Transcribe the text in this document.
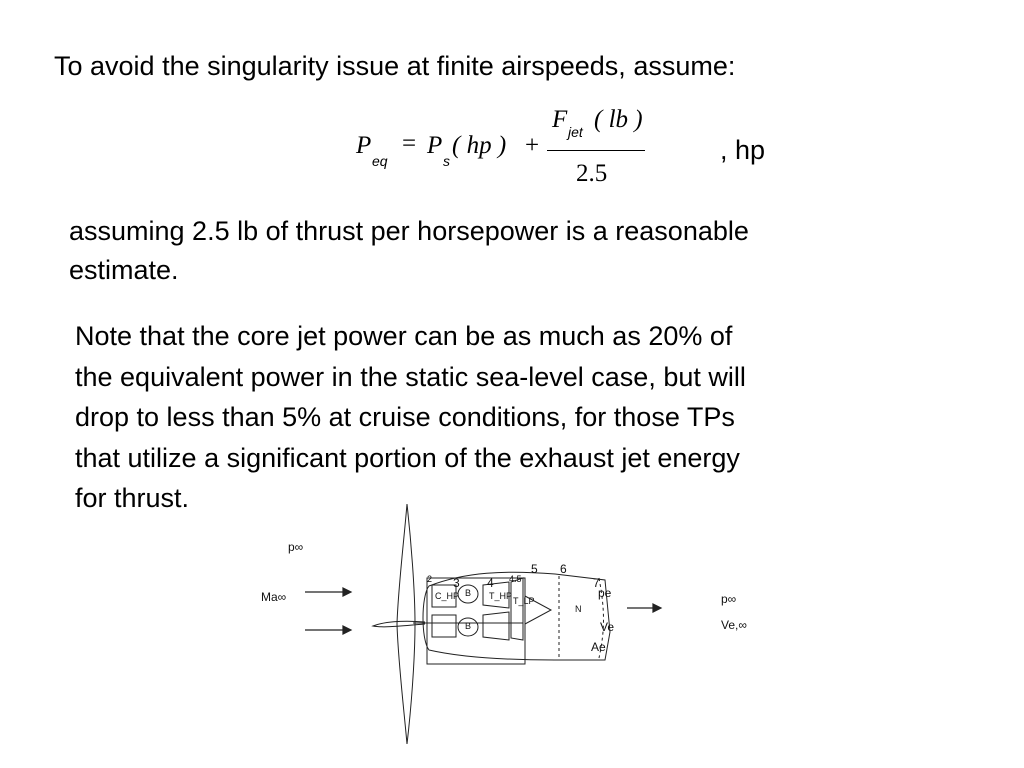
To avoid the singularity issue at finite airspeeds, assume:

P
eq
= P
s
( hp ) +
F jet ( lb )
2.5
, hp

assuming 2.5 lb of thrust per horsepower is a reasonable
estimate.

Note that the core jet power can be as much as 20% of
the equivalent power in the static sea-level case, but will
drop to less than 5% at cruise conditions, for those TPs
that utilize a significant portion of the exhaust jet energy
for thrust.

p∞
Ma∞
2 3 4 4.5
5 6
7
C_HP B
B
T_HP T_LP
N
pe
Ve
Ae
p∞
Ve,∞
